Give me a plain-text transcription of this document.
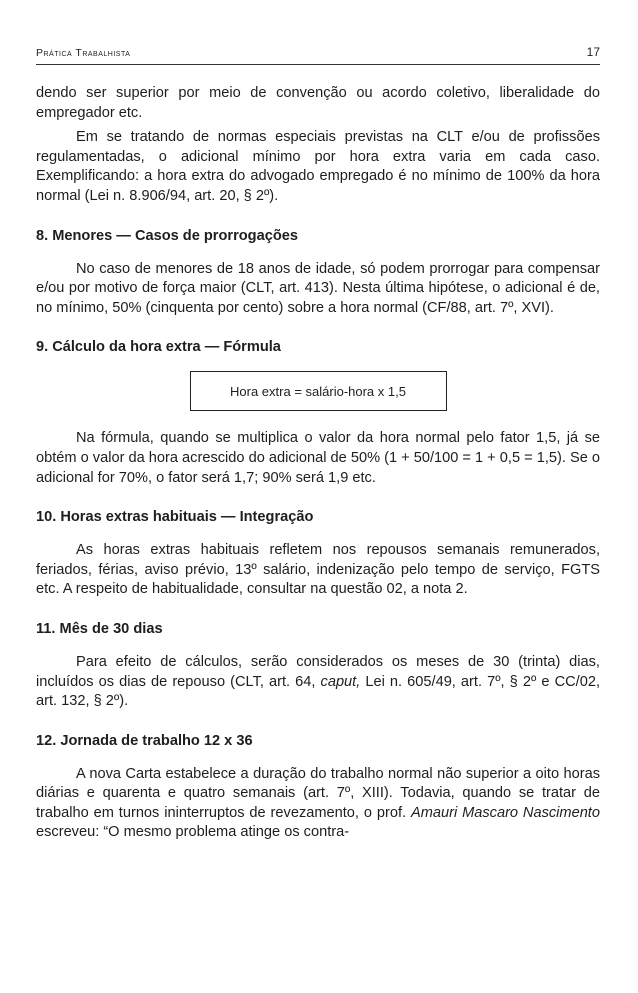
Prática Trabalhista	17

dendo ser superior por meio de convenção ou acordo coletivo, liberalidade do empregador etc.

Em se tratando de normas especiais previstas na CLT e/ou de profissões regulamentadas, o adicional mínimo por hora extra varia em cada caso. Exemplificando: a hora extra do advogado empregado é no mínimo de 100% da hora normal (Lei n. 8.906/94, art. 20, § 2º).

8. Menores — Casos de prorrogações

No caso de menores de 18 anos de idade, só podem prorrogar para compensar e/ou por motivo de força maior (CLT, art. 413). Nesta última hipótese, o adicional é de, no mínimo, 50% (cinquenta por cento) sobre a hora normal (CF/88, art. 7º, XVI).

9. Cálculo da hora extra — Fórmula
Hora extra = salário-hora x 1,5

Na fórmula, quando se multiplica o valor da hora normal pelo fator 1,5, já se obtém o valor da hora acrescido do adicional de 50% (1 + 50/100 = 1 + 0,5 = 1,5). Se o adicional for 70%, o fator será 1,7; 90% será 1,9 etc.

10. Horas extras habituais — Integração

As horas extras habituais refletem nos repousos semanais remunerados, feriados, férias, aviso prévio, 13º salário, indenização pelo tempo de serviço, FGTS etc. A respeito de habitualidade, consultar na questão 02, a nota 2.

11. Mês de 30 dias

Para efeito de cálculos, serão considerados os meses de 30 (trinta) dias, incluídos os dias de repouso (CLT, art. 64, caput, Lei n. 605/49, art. 7º, § 2º e CC/02, art. 132, § 2º).

12. Jornada de trabalho 12 x 36

A nova Carta estabelece a duração do trabalho normal não superior a oito horas diárias e quarenta e quatro semanais (art. 7º, XIII). Todavia, quando se tratar de trabalho em turnos ininterruptos de revezamento, o prof. Amauri Mascaro Nascimento escreveu: “O mesmo problema atinge os contra-
